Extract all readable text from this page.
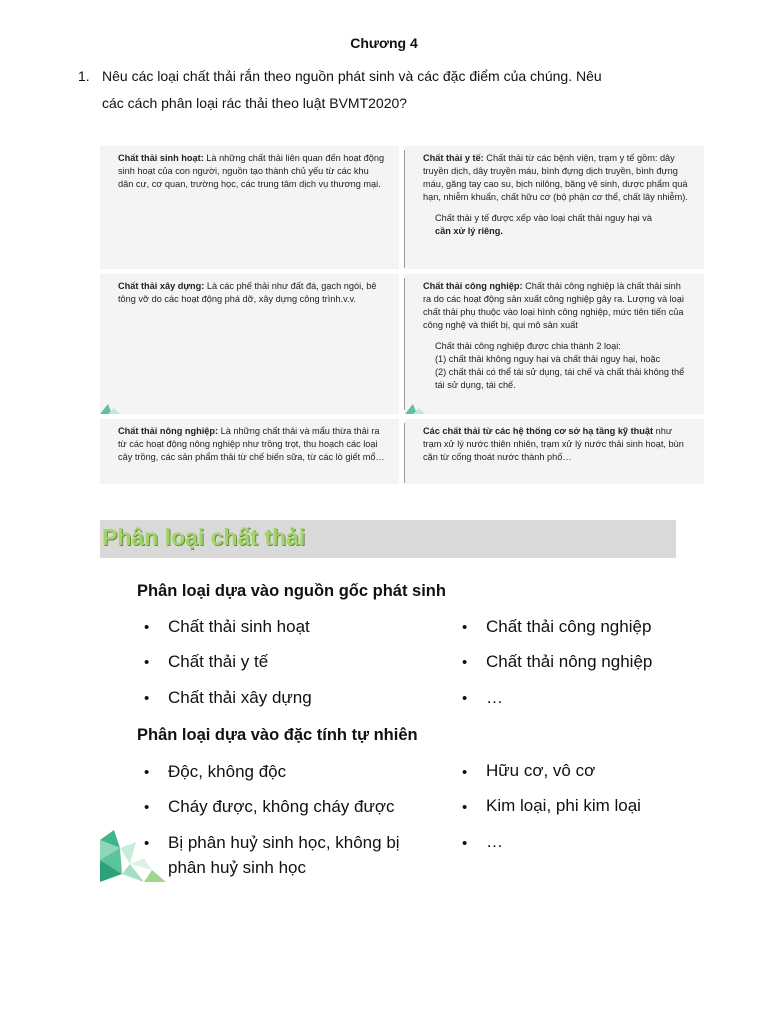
Chương 4
1. Nêu các loại chất thải rắn theo nguồn phát sinh và các đặc điểm của chúng. Nêu
các cách phân loại rác thải theo luật BVMT2020?
Chất thải sinh hoạt: Là những chất thải liên quan đến hoạt động sinh hoạt của con người, nguồn tạo thành chủ yếu từ các khu dân cư, cơ quan, trường học, các trung tâm dịch vụ thương mại.
Chất thải y tế: Chất thải từ các bệnh viện, trạm y tế gồm: dây truyền dịch, dây truyền máu, bình đựng dịch truyền, bình đựng máu, găng tay cao su, bịch nilông, băng vệ sinh, dược phẩm quá hạn, nhiễm khuẩn, chất hữu cơ (bộ phận cơ thể, chất lây nhiễm).
Chất thải y tế được xếp vào loại chất thải nguy hại và
cần xử lý riêng.
Chất thải xây dựng: Là các phế thải như đất đá, gạch ngói, bê tông vỡ do các hoạt động phá dỡ, xây dựng công trình.v.v.
Chất thải công nghiệp: Chất thải công nghiệp là chất thải sinh ra do các hoạt động sản xuất công nghiệp gây ra. Lượng và loại chất thải phụ thuộc vào loại hình công nghiệp, mức tiên tiến của công nghệ và thiết bị, qui mô sản xuất
Chất thải công nghiệp được chia thành 2 loại:
(1) chất thải không nguy hại và chất thải nguy hại, hoặc
(2) chất thải có thể tái sử dụng, tái chế và chất thải không thể tái sử dụng, tái chế.
Chất thải nông nghiệp: Là những chất thải và mẩu thừa thải ra từ các hoạt động nông nghiệp như trồng trọt, thu hoạch các loại cây trồng, các sản phẩm thải từ chế biến sữa, từ các lò giết mổ…
Các chất thải từ các hệ thống cơ sở hạ tầng kỹ thuật như trạm xử lý nước thiên nhiên, trạm xử lý nước thải sinh hoạt, bùn cặn từ cống thoát nước thành phố…
Phân loại chất thải
Phân loại dựa vào nguồn gốc phát sinh
• Chất thải sinh hoạt
• Chất thải y tế
• Chất thải xây dựng
• Chất thải công nghiệp
• Chất thải nông nghiệp
• …
Phân loại dựa vào đặc tính tự nhiên
• Độc, không độc
• Cháy được, không cháy được
• Bị phân huỷ sinh học, không bị
phân huỷ sinh học
• Hữu cơ, vô cơ
• Kim loại, phi kim loại
• …
